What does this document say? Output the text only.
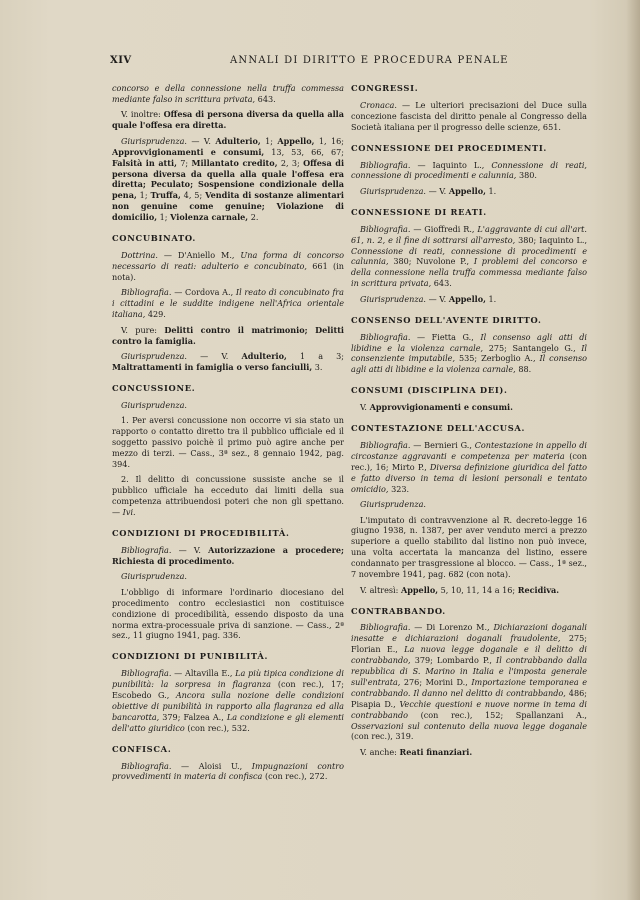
XIV	ANNALI DI DIRITTO E PROCEDURA PENALE

concorso e della connessione nella truffa commessa mediante falso in scrittura privata, 643.

V. inoltre: Offesa di persona diversa da quella alla quale l'offesa era diretta.

Giurisprudenza. — V. Adulterio, 1; Appello, 1, 16; Approvvigionamenti e consumi, 13, 53, 66, 67; Falsità in atti, 7; Millantato credito, 2, 3; Offesa di persona diversa da quella alla quale l'offesa era diretta; Peculato; Sospensione condizionale della pena, 1; Truffa, 4, 5; Vendita di sostanze alimentari non genuine come genuine; Violazione di domicilio, 1; Violenza carnale, 2.

CONCUBINATO.

Dottrina. — D'Aniello M., Una forma di concorso necessario di reati: adulterio e concubinato, 661 (in nota).

Bibliografia. — Cordova A., Il reato di concubinato fra i cittadini e le suddite indigene nell'Africa orientale italiana, 429.

V. pure: Delitti contro il matrimonio; Delitti contro la famiglia.

Giurisprudenza. — V. Adulterio, 1 a 3; Maltrattamenti in famiglia o verso fanciulli, 3.

CONCUSSIONE.

Giurisprudenza.

1. Per aversi concussione non occorre vi sia stato un rapporto o contatto diretto tra il pubblico ufficiale ed il soggetto passivo poichè il primo può agire anche per mezzo di terzi. — Cass., 3ª sez., 8 gennaio 1942, pag. 394.

2. Il delitto di concussione sussiste anche se il pubblico ufficiale ha ecceduto dai limiti della sua competenza attribuendosi poteri che non gli spettano. — Ivi.

CONDIZIONI DI PROCEDIBILITÀ.

Bibliografia. — V. Autorizzazione a procedere; Richiesta di procedimento.

Giurisprudenza.

L'obbligo di informare l'ordinario diocesiano del procedimento contro ecclesiastici non costituisce condizione di procedibilità, essendo disposto da una norma extra-processuale priva di sanzione. — Cass., 2ª sez., 11 giugno 1941, pag. 336.

CONDIZIONI DI PUNIBILITÀ.

Bibliografia. — Altavilla E., La più tipica condizione di punibilità: la sorpresa in flagranza (con rec.), 17; Escobedo G., Ancora sulla nozione delle condizioni obiettive di punibilità in rapporto alla flagranza ed alla bancarotta, 379; Falzea A., La condizione e gli elementi dell'atto giuridico (con rec.), 532.

CONFISCA.

Bibliografia. — Aloisi U., Impugnazioni contro provvedimenti in materia di confisca (con rec.), 272.

CONGRESSI.

Cronaca. — Le ulteriori precisazioni del Duce sulla concezione fascista del diritto penale al Congresso della Società italiana per il progresso delle scienze, 651.

CONNESSIONE DEI PROCEDIMENTI.

Bibliografia. — Iaquinto L., Connessione di reati, connessione di procedimenti e calunnia, 380.

Giurisprudenza. — V. Appello, 1.

CONNESSIONE DI REATI.

Bibliografia. — Gioffredi R., L'aggravante di cui all'art. 61, n. 2, e il fine di sottrarsi all'arresto, 380; Iaquinto L., Connessione di reati, connessione di procedimenti e calunnia, 380; Nuvolone P., I problemi del concorso e della connessione nella truffa commessa mediante falso in scrittura privata, 643.

Giurisprudenza. — V. Appello, 1.

CONSENSO DELL'AVENTE DIRITTO.

Bibliografia. — Fietta G., Il consenso agli atti di libidine e la violenza carnale, 275; Santangelo G., Il consenziente imputabile, 535; Zerboglio A., Il consenso agli atti di libidine e la violenza carnale, 88.

CONSUMI (DISCIPLINA DEI).

V. Approvvigionamenti e consumi.

CONTESTAZIONE DELL'ACCUSA.

Bibliografia. — Bernieri G., Contestazione in appello di circostanze aggravanti e competenza per materia (con rec.), 16; Mirto P., Diversa definizione giuridica del fatto e fatto diverso in tema di lesioni personali e tentato omicidio, 323.

Giurisprudenza.

L'imputato di contravvenzione al R. decreto-legge 16 giugno 1938, n. 1387, per aver venduto merci a prezzo superiore a quello stabilito dal listino non può invece, una volta accertata la mancanza del listino, essere condannato per trasgressione al blocco. — Cass., 1ª sez., 7 novembre 1941, pag. 682 (con nota).

V. altresì: Appello, 5, 10, 11, 14 a 16; Recidiva.

CONTRABBANDO.

Bibliografia. — Di Lorenzo M., Dichiarazioni doganali inesatte e dichiarazioni doganali fraudolente, 275; Florian E., La nuova legge doganale e il delitto di contrabbando, 379; Lombardo P., Il contrabbando dalla repubblica di S. Marino in Italia e l'imposta generale sull'entrata, 276; Morini D., Importazione temporanea e contrabbando. Il danno nel delitto di contrabbando, 486; Pisapia D., Vecchie questioni e nuove norme in tema di contrabbando (con rec.), 152; Spallanzani A., Osservazioni sul contenuto della nuova legge doganale (con rec.), 319.

V. anche: Reati finanziari.
